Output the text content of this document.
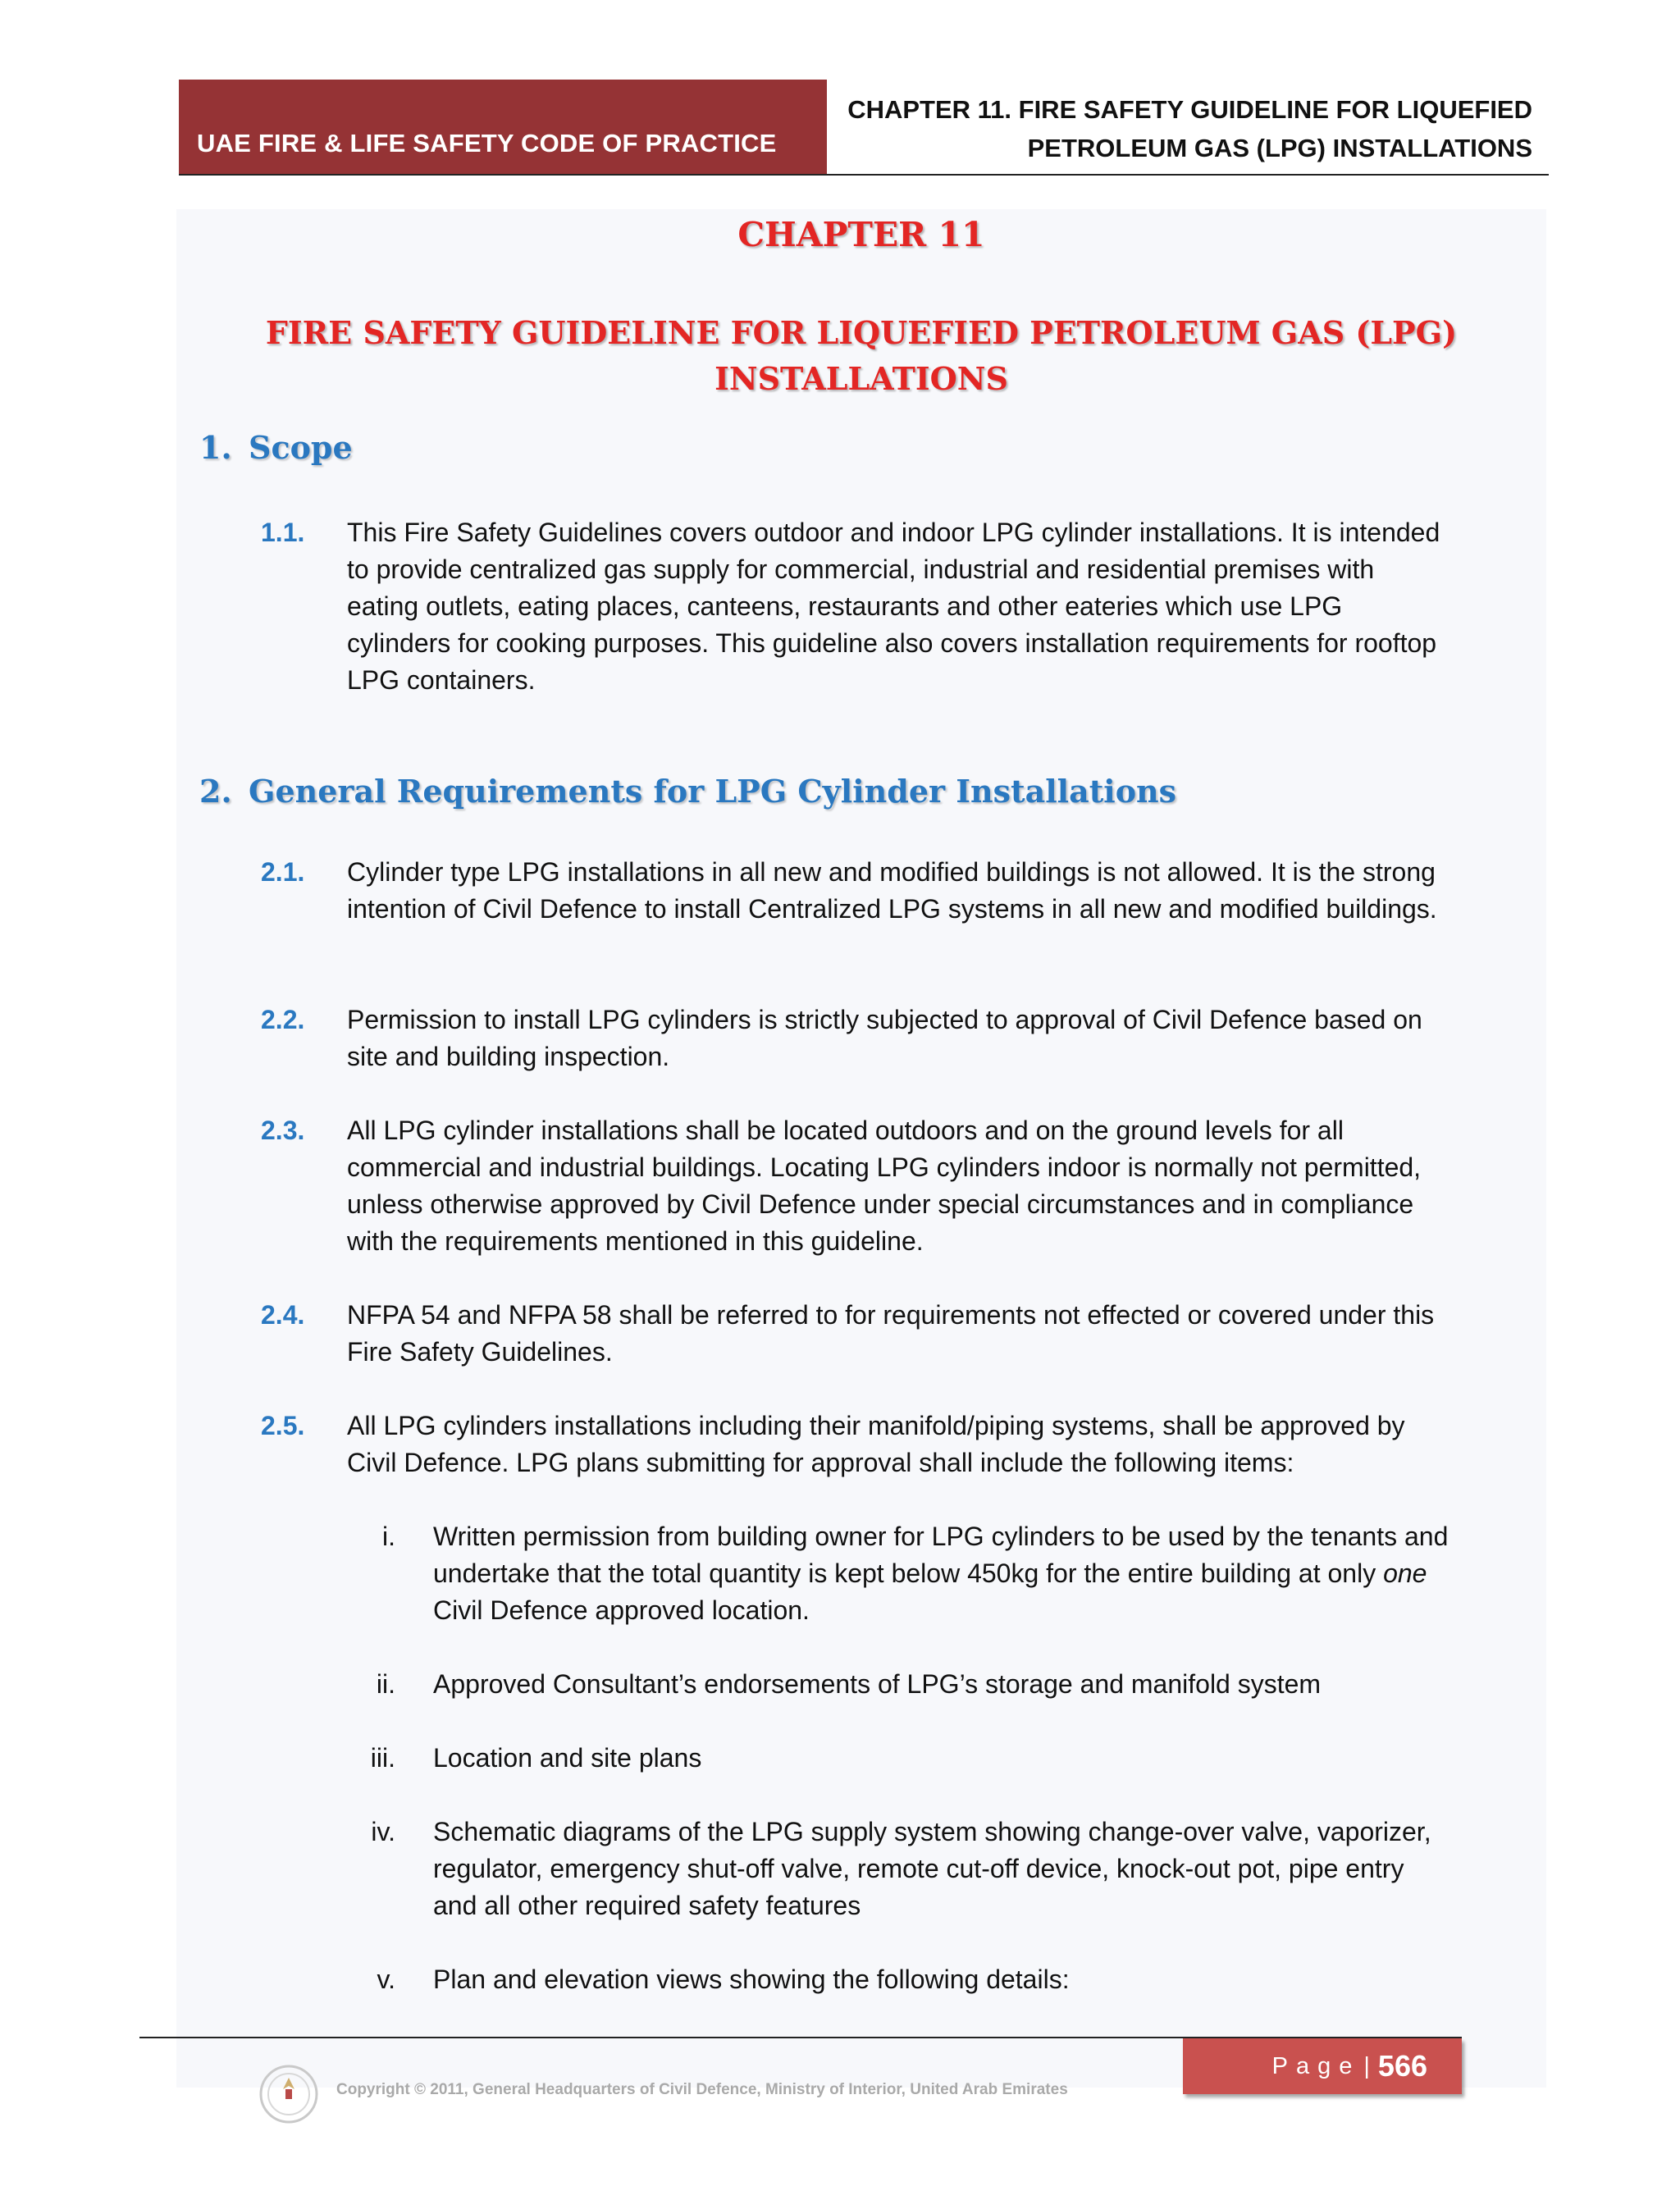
UAE FIRE & LIFE SAFETY CODE OF PRACTICE
CHAPTER 11. FIRE SAFETY GUIDELINE FOR LIQUEFIED
PETROLEUM GAS (LPG) INSTALLATIONS
CHAPTER 11
FIRE SAFETY GUIDELINE FOR LIQUEFIED PETROLEUM GAS (LPG)
INSTALLATIONS
1. Scope
1.1. This Fire Safety Guidelines covers outdoor and indoor LPG cylinder installations. It is intended to provide centralized gas supply for commercial, industrial and residential premises with eating outlets, eating places, canteens, restaurants and other eateries which use LPG cylinders for cooking purposes. This guideline also covers installation requirements for rooftop LPG containers.
2. General Requirements for LPG Cylinder Installations
2.1. Cylinder type LPG installations in all new and modified buildings is not allowed. It is the strong intention of Civil Defence to install Centralized LPG systems in all new and modified buildings.
2.2. Permission to install LPG cylinders is strictly subjected to approval of Civil Defence based on site and building inspection.
2.3. All LPG cylinder installations shall be located outdoors and on the ground levels for all commercial and industrial buildings. Locating LPG cylinders indoor is normally not permitted, unless otherwise approved by Civil Defence under special circumstances and in compliance with the requirements mentioned in this guideline.
2.4. NFPA 54 and NFPA 58 shall be referred to for requirements not effected or covered under this Fire Safety Guidelines.
2.5. All LPG cylinders installations including their manifold/piping systems, shall be approved by Civil Defence. LPG plans submitting for approval shall include the following items:
i. Written permission from building owner for LPG cylinders to be used by the tenants and undertake that the total quantity is kept below 450kg for the entire building at only one Civil Defence approved location.
ii. Approved Consultant’s endorsements of LPG’s storage and manifold system
iii. Location and site plans
iv. Schematic diagrams of the LPG supply system showing change-over valve, vaporizer, regulator, emergency shut-off valve, remote cut-off device, knock-out pot, pipe entry and all other required safety features
v. Plan and elevation views showing the following details:
Page | 566
Copyright © 2011, General Headquarters of Civil Defence, Ministry of Interior, United Arab Emirates
